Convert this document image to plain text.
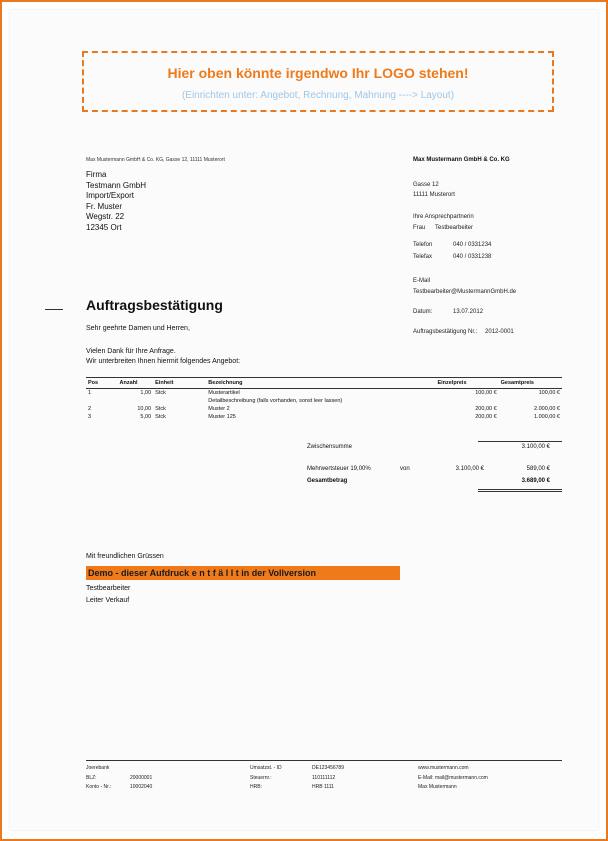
Hier oben könnte irgendwo Ihr LOGO stehen!
(Einrichten unter: Angebot, Rechnung, Mahnung ----> Layout)
Max Mustermann GmbH & Co. KG, Gasse 12, 11111 Musterort
Firma
Testmann GmbH
Import/Export
Fr. Muster
Wegstr. 22
12345 Ort
Max Mustermann GmbH & Co. KG
Gasse 12
11111 Musterort
Ihre Ansprechpartnerin
Frau	Testbearbeiter
Telefon	040 / 0331234
Telefax	040 / 0331238
E-Mail
Testbearbeiter@MustermannGmbH.de
Datum:	13.07.2012
Auftragsbestätigung Nr.: 2012-0001
Auftragsbestätigung
Sehr geehrte Damen und Herren,
Vielen Dank für Ihre Anfrage.
Wir unterbreiten Ihnen hiermit folgendes Angebot:
Pos	Anzahl	Einheit	Bezeichnung	Einzelpreis	Gesamtpreis
1	1,00	Stck	Musterartikel	100,00 €	100,00 €
			Detailbeschreibung (falls vorhanden, sonst leer lassen)		
2	10,00	Stck	Muster 2	200,00 €	2.000,00 €
3	5,00	Stck	Muster 125	200,00 €	1.000,00 €
Zwischensumme	3.100,00 €
Mehrwertsteuer 19,00%	von	3.100,00 €	589,00 €
Gesamtbetrag	3.689,00 €
Mit freundlichen Grüssen
Demo - dieser Aufdruck e n t f ä l l t in der Vollversion
Testbearbeiter
Leiter Verkauf
Joerebank
BLZ:	20000001
Konto - Nr.:	10002040
Umsatzst. - ID	DE123456789
Steuernr.:	110111112
HRB:	HRB 1111
www.mustermann.com
E-Mail: mail@mustermann.com
Max Mustermann
